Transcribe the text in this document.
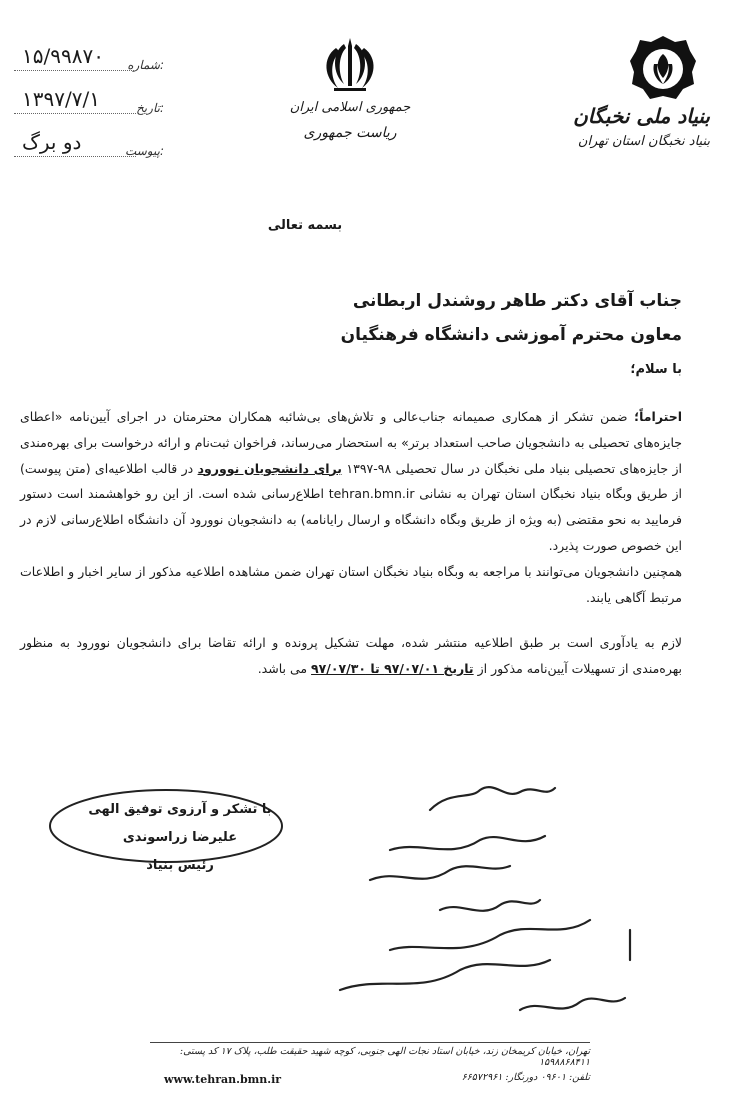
۱۵/۹۹۸۷۰ شماره:
۱۳۹۷/۷/۱	تاریخ:
دو برگ	پیوست:
جمهوری اسلامی ایران
ریاست جمهوری
بنیاد ملی نخبگان
بنیاد نخبگان استان تهران
بسمه تعالی
جناب آقای دکتر طاهر روشندل اربطانی
معاون محترم آموزشی دانشگاه فرهنگیان
با سلام؛

احتراماً؛ ضمن تشکر از همکاری صمیمانه جناب‌عالی و تلاش‌های بی‌شائبه همکاران محترمتان در اجرای آیین‌نامه «اعطای جایزه‌های تحصیلی به دانشجویان صاحب استعداد برتر» به استحضار می‌رساند، فراخوان ثبت‌نام و ارائه درخواست برای بهره‌مندی از جایزه‌های تحصیلی بنیاد ملی نخبگان در سال تحصیلی ۹۸-۱۳۹۷ برای دانشجویان نوورود در قالب اطلاعیه‌ای (متن پیوست) از طریق وبگاه بنیاد نخبگان استان تهران به نشانی tehran.bmn.ir اطلاع‌رسانی شده است. از این رو خواهشمند است دستور فرمایید به نحو مقتضی (به ویژه از طریق وبگاه دانشگاه و ارسال رایانامه) به دانشجویان نوورود آن دانشگاه اطلاع‌رسانی لازم در این خصوص صورت پذیرد.

همچنین دانشجویان می‌توانند با مراجعه به وبگاه بنیاد نخبگان استان تهران ضمن مشاهده اطلاعیه مذکور از سایر اخبار و اطلاعات مرتبط آگاهی یابند.

لازم به یادآوری است بر طبق اطلاعیه منتشر شده، مهلت تشکیل پرونده و ارائه تقاضا برای دانشجویان نوورود به منظور بهره‌مندی از تسهیلات آیین‌نامه مذکور از تاریخ ۹۷/۰۷/۰۱ تا ۹۷/۰۷/۳۰ می باشد.

با تشکر و آرزوی توفیق الهی
علیرضا زراسوندی
رئیس بنیاد
تهران، خیابان کریمخان زند، خیابان استاد نجات الهی جنوبی، کوچه شهید حقیقت طلب، پلاک ۱۷ کد پستی: ۱۵۹۸۸۶۸۴۱۱
تلفن: ۰۹۶۰۱ دورنگار: ۶۶۵۷۲۹۶۱
www.tehran.bmn.ir
